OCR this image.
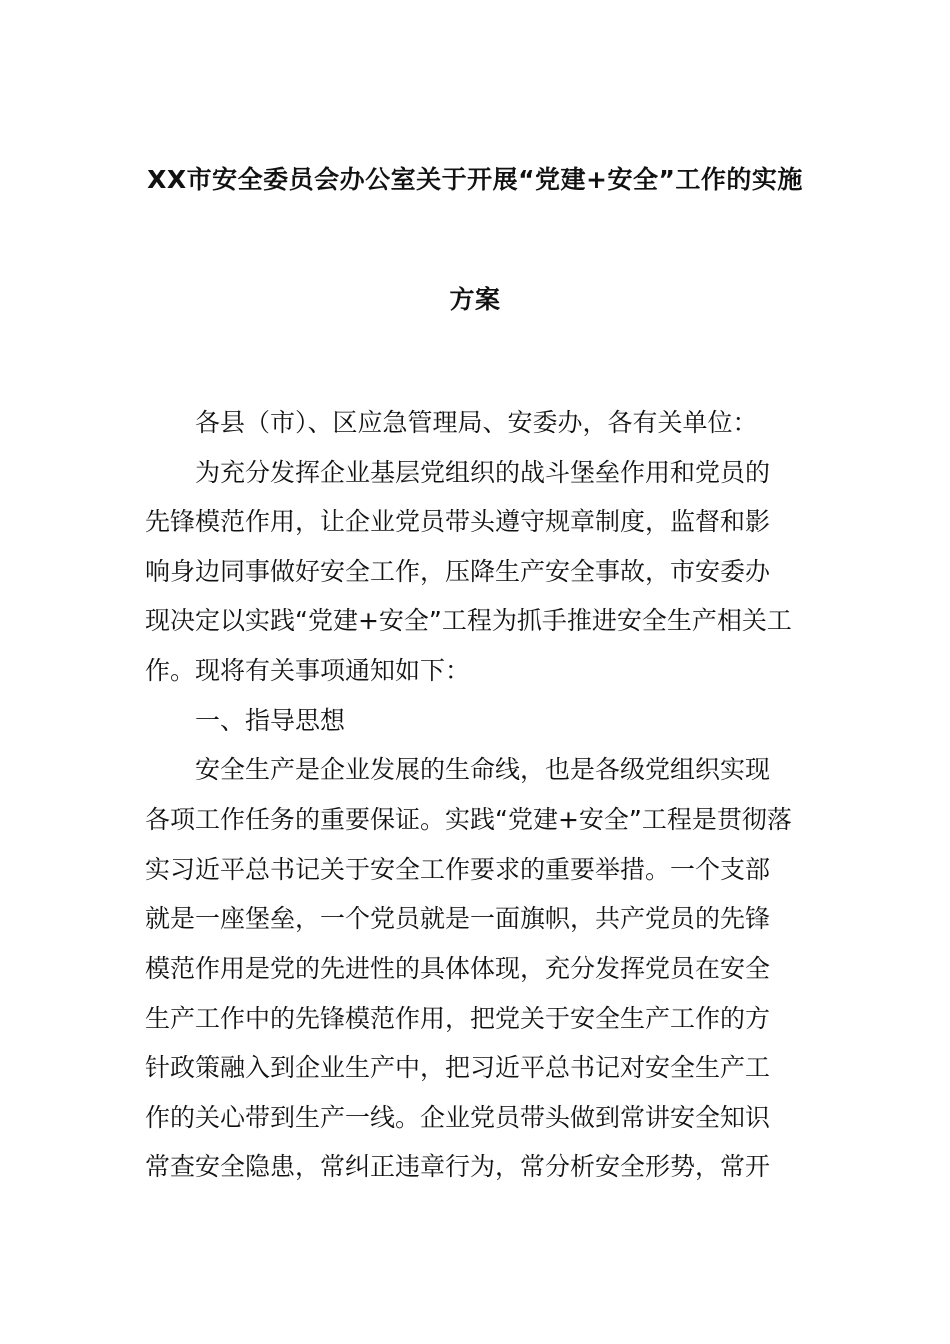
XX市安全委员会办公室关于开展“党建+安全”工作的实施
方案
各县（市）、区应急管理局、安委办，各有关单位：
为充分发挥企业基层党组织的战斗堡垒作用和党员的
先锋模范作用，让企业党员带头遵守规章制度，监督和影
响身边同事做好安全工作，压降生产安全事故，市安委办
现决定以实践“党建+安全”工程为抓手推进安全生产相关工
作。现将有关事项通知如下：
一、指导思想
安全生产是企业发展的生命线，也是各级党组织实现
各项工作任务的重要保证。实践“党建+安全”工程是贯彻落
实习近平总书记关于安全工作要求的重要举措。一个支部
就是一座堡垒，一个党员就是一面旗帜，共产党员的先锋
模范作用是党的先进性的具体体现，充分发挥党员在安全
生产工作中的先锋模范作用，把党关于安全生产工作的方
针政策融入到企业生产中，把习近平总书记对安全生产工
作的关心带到生产一线。企业党员带头做到常讲安全知识
常查安全隐患，常纠正违章行为，常分析安全形势，常开
